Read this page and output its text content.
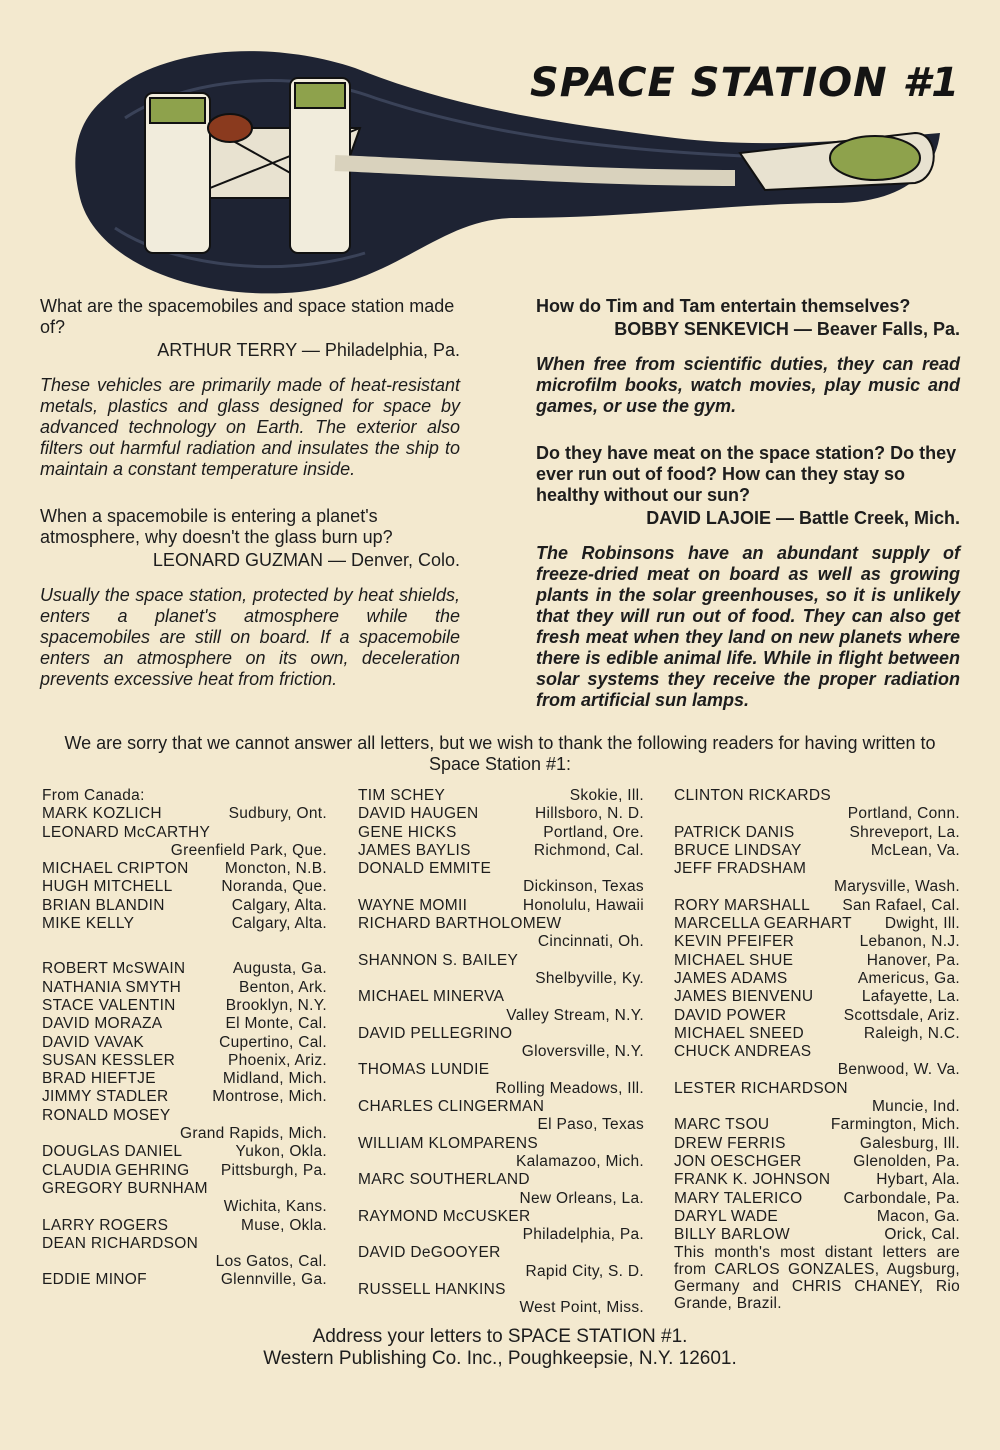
SPACE STATION #1

What are the spacemobiles and space station made of?

ARTHUR TERRY — Philadelphia, Pa.

These vehicles are primarily made of heat-resistant metals, plastics and glass designed for space by advanced technology on Earth. The exterior also filters out harmful radiation and insulates the ship to maintain a constant temperature inside.

When a spacemobile is entering a planet's atmosphere, why doesn't the glass burn up?

LEONARD GUZMAN — Denver, Colo.

Usually the space station, protected by heat shields, enters a planet's atmosphere while the spacemobiles are still on board. If a spacemobile enters an atmosphere on its own, deceleration prevents excessive heat from friction.

How do Tim and Tam entertain themselves?

BOBBY SENKEVICH — Beaver Falls, Pa.

When free from scientific duties, they can read microfilm books, watch movies, play music and games, or use the gym.

Do they have meat on the space station? Do they ever run out of food? How can they stay so healthy without our sun?

DAVID LAJOIE — Battle Creek, Mich.

The Robinsons have an abundant supply of freeze-dried meat on board as well as growing plants in the solar greenhouses, so it is unlikely that they will run out of food. They can also get fresh meat when they land on new planets where there is edible animal life. While in flight between solar systems they receive the proper radiation from artificial sun lamps.

We are sorry that we cannot answer all letters, but we wish to thank the following readers for having written to Space Station #1:
From Canada:
MARK KOZLICH	Sudbury, Ont.
LEONARD McCARTHY
Greenfield Park, Que.
MICHAEL CRIPTON Moncton, N.B.
HUGH MITCHELL	Noranda, Que.
BRIAN BLANDIN	Calgary, Alta.
MIKE KELLY	Calgary, Alta.
ROBERT McSWAIN	Augusta, Ga.
NATHANIA SMYTH	Benton, Ark.
STACE VALENTIN	Brooklyn, N.Y.
DAVID MORAZA	El Monte, Cal.
DAVID VAVAK	Cupertino, Cal.
SUSAN KESSLER	Phoenix, Ariz.
BRAD HIEFTJE	Midland, Mich.
JIMMY STADLER	Montrose, Mich.
RONALD MOSEY
Grand Rapids, Mich.
DOUGLAS DANIEL	Yukon, Okla.
CLAUDIA GEHRING Pittsburgh, Pa.
GREGORY BURNHAM
Wichita, Kans.
LARRY ROGERS	Muse, Okla.
DEAN RICHARDSON
Los Gatos, Cal.
EDDIE MINOF	Glennville, Ga.
TIM SCHEY	Skokie, Ill.
DAVID HAUGEN	Hillsboro, N. D.
GENE HICKS	Portland, Ore.
JAMES BAYLIS	Richmond, Cal.
DONALD EMMITE
Dickinson, Texas
WAYNE MOMII	Honolulu, Hawaii
RICHARD BARTHOLOMEW
Cincinnati, Oh.
SHANNON S. BAILEY
Shelbyville, Ky.
MICHAEL MINERVA
Valley Stream, N.Y.
DAVID PELLEGRINO
Gloversville, N.Y.
THOMAS LUNDIE
Rolling Meadows, Ill.
CHARLES CLINGERMAN
El Paso, Texas
WILLIAM KLOMPARENS
Kalamazoo, Mich.
MARC SOUTHERLAND
New Orleans, La.
RAYMOND McCUSKER
Philadelphia, Pa.
DAVID DeGOOYER
Rapid City, S. D.
RUSSELL HANKINS
West Point, Miss.
CLINTON RICKARDS
Portland, Conn.
PATRICK DANIS	Shreveport, La.
BRUCE LINDSAY	McLean, Va.
JEFF FRADSHAM
Marysville, Wash.
RORY MARSHALL San Rafael, Cal.
MARCELLA GEARHART Dwight, Ill.
KEVIN PFEIFER	Lebanon, N.J.
MICHAEL SHUE	Hanover, Pa.
JAMES ADAMS	Americus, Ga.
JAMES BIENVENU	Lafayette, La.
DAVID POWER	Scottsdale, Ariz.
MICHAEL SNEED	Raleigh, N.C.
CHUCK ANDREAS
Benwood, W. Va.
LESTER RICHARDSON
Muncie, Ind.
MARC TSOU	Farmington, Mich.
DREW FERRIS	Galesburg, Ill.
JON OESCHGER	Glenolden, Pa.
FRANK K. JOHNSON	Hybart, Ala.
MARY TALERICO	Carbondale, Pa.
DARYL WADE	Macon, Ga.
BILLY BARLOW	Orick, Cal.
This month's most distant letters are from CARLOS GONZALES, Augsburg, Germany and CHRIS CHANEY, Rio Grande, Brazil.
Address your letters to SPACE STATION #1.
Western Publishing Co. Inc., Poughkeepsie, N.Y. 12601.
